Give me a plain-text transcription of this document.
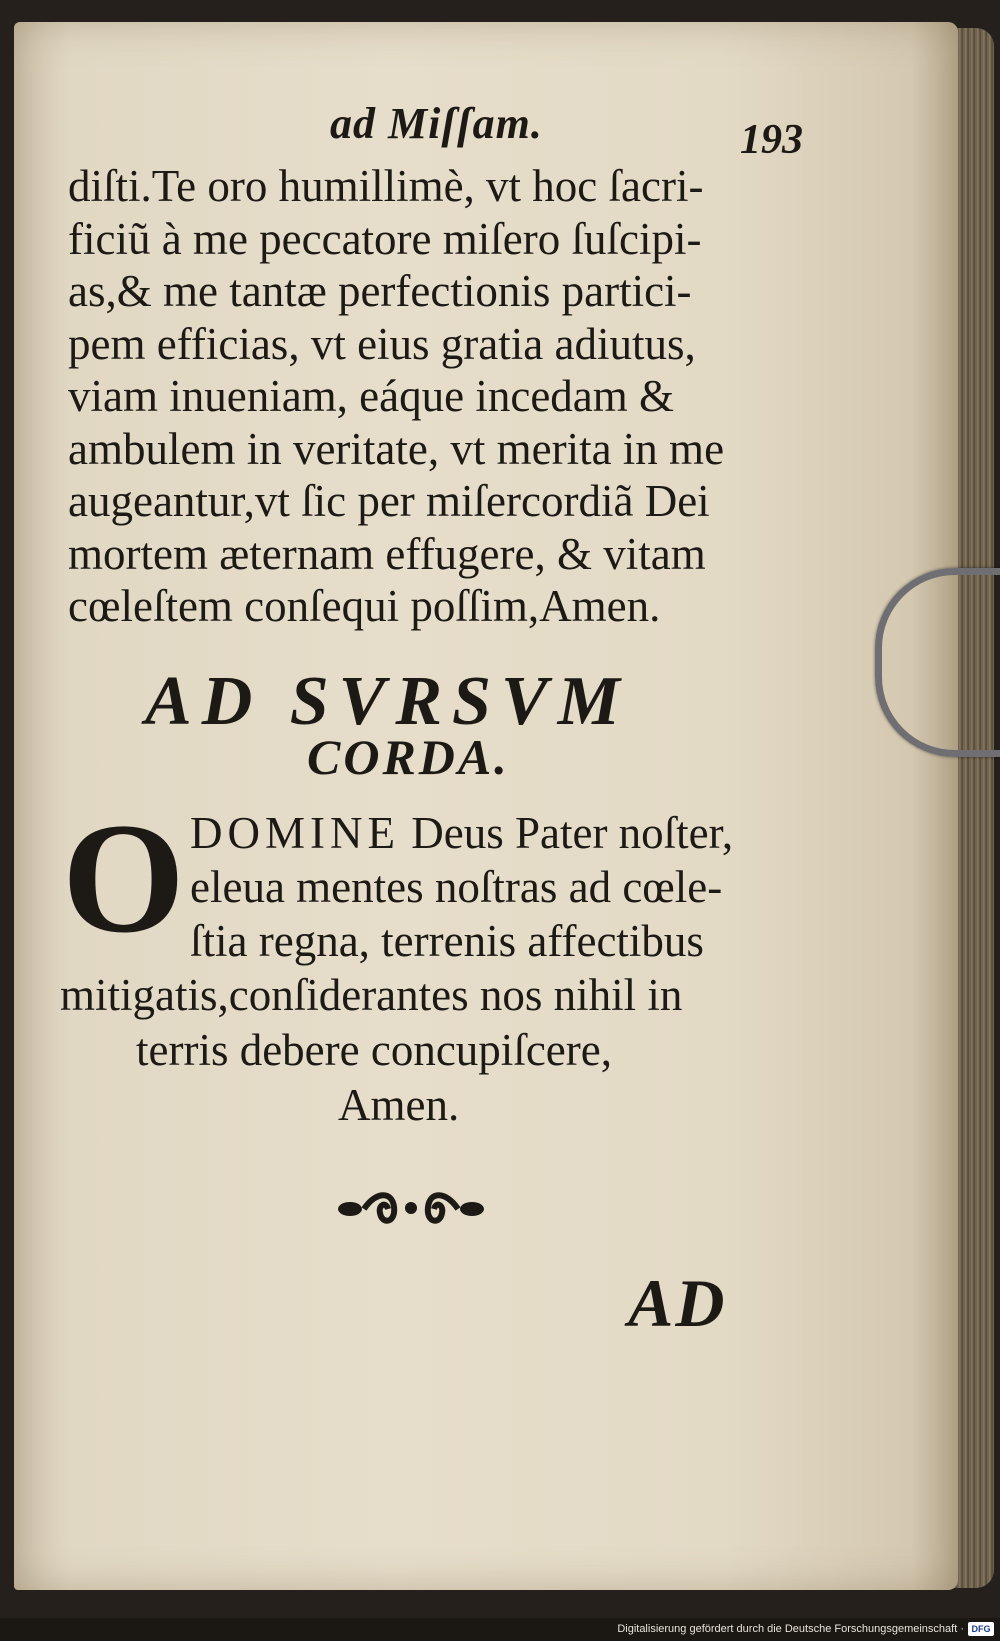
ad Miſſam.	193

diſti.Te oro humillimè, vt hoc ſacri-
ficiũ à me peccatore miſero ſuſcipi-
as,& me tantæ perfectionis partici-
pem efficias, vt eius gratia adiutus,
viam inueniam, eáque incedam &
ambulem in veritate, vt merita in me
augeantur,vt ſic per miſercordiã Dei
mortem æternam effugere, & vitam
cœleſtem conſequi poſſim,Amen.

AD SVRSVM
CORDA.
O DOMINE Deus Pater noſter,
eleua mentes noſtras ad cœle-
ſtia regna, terrenis affectibus

mitigatis,conſiderantes nos nihil in
terris debere concupiſcere,
Amen.

AD
Digitalisierung gefördert durch die Deutsche Forschungsgemeinschaft · DFG
